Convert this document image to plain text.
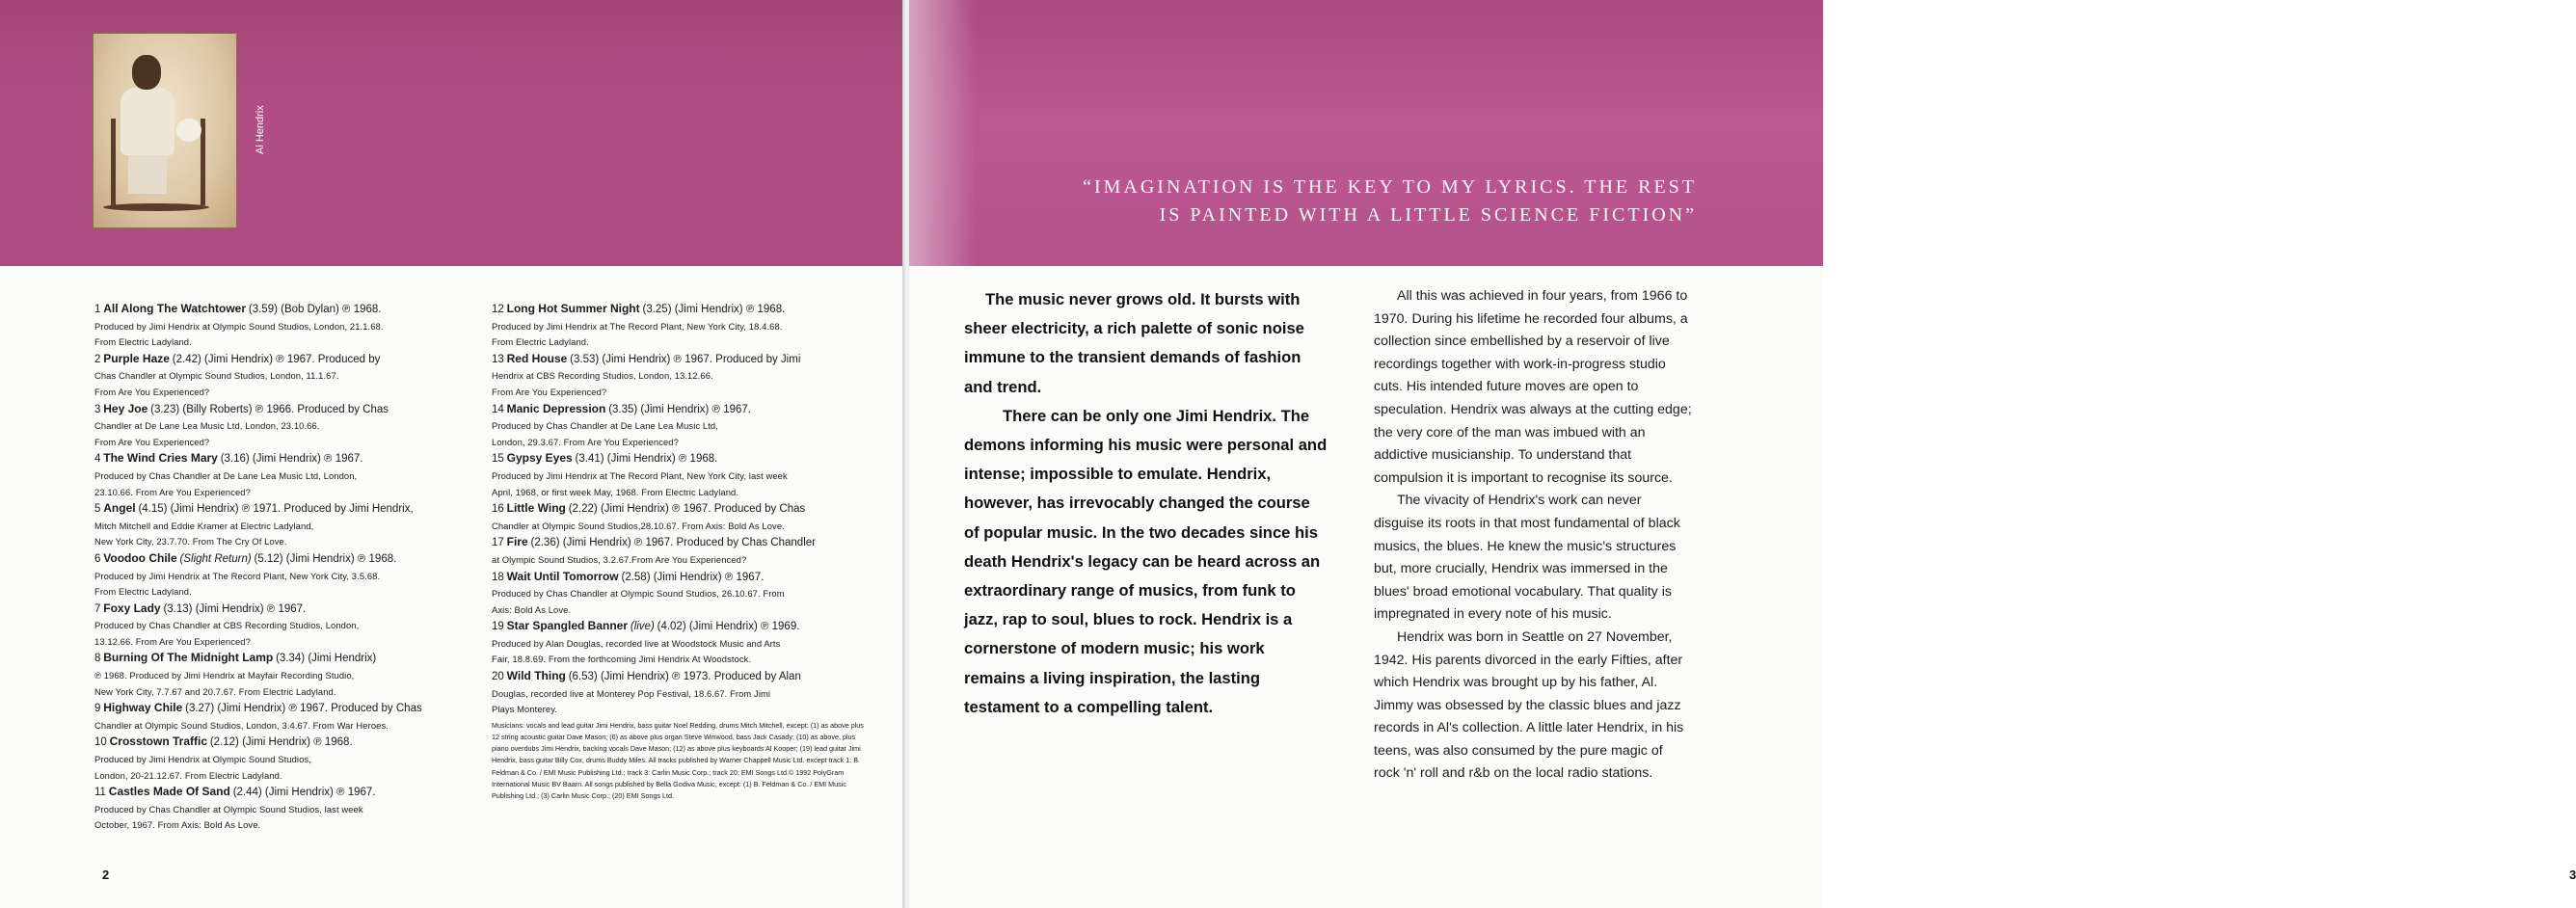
Al Hendrix
1 All Along The Watchtower (3.59) (Bob Dylan) ℗ 1968.
Produced by Jimi Hendrix at Olympic Sound Studios, London, 21.1.68.
From Electric Ladyland.
2 Purple Haze (2.42) (Jimi Hendrix) ℗ 1967. Produced by
Chas Chandler at Olympic Sound Studios, London, 11.1.67.
From Are You Experienced?
3 Hey Joe (3.23) (Billy Roberts) ℗ 1966. Produced by Chas
Chandler at De Lane Lea Music Ltd, London, 23.10.66.
From Are You Experienced?
4 The Wind Cries Mary (3.16) (Jimi Hendrix) ℗ 1967.
Produced by Chas Chandler at De Lane Lea Music Ltd, London,
23.10.66. From Are You Experienced?
5 Angel (4.15) (Jimi Hendrix) ℗ 1971. Produced by Jimi Hendrix,
Mitch Mitchell and Eddie Kramer at Electric Ladyland,
New York City, 23.7.70. From The Cry Of Love.
6 Voodoo Chile (Slight Return) (5.12) (Jimi Hendrix) ℗ 1968.
Produced by Jimi Hendrix at The Record Plant, New York City, 3.5.68.
From Electric Ladyland.
7 Foxy Lady (3.13) (Jimi Hendrix) ℗ 1967.
Produced by Chas Chandler at CBS Recording Studios, London,
13.12.66. From Are You Experienced?
8 Burning Of The Midnight Lamp (3.34) (Jimi Hendrix)
℗ 1968. Produced by Jimi Hendrix at Mayfair Recording Studio,
New York City, 7.7.67 and 20.7.67. From Electric Ladyland.
9 Highway Chile (3.27) (Jimi Hendrix) ℗ 1967. Produced by Chas
Chandler at Olympic Sound Studios, London, 3.4.67. From War Heroes.
10 Crosstown Traffic (2.12) (Jimi Hendrix) ℗ 1968.
Produced by Jimi Hendrix at Olympic Sound Studios,
London, 20-21.12.67. From Electric Ladyland.
11 Castles Made Of Sand (2.44) (Jimi Hendrix) ℗ 1967.
Produced by Chas Chandler at Olympic Sound Studios, last week
October, 1967. From Axis: Bold As Love.
12 Long Hot Summer Night (3.25) (Jimi Hendrix) ℗ 1968.
Produced by Jimi Hendrix at The Record Plant, New York City, 18.4.68.
From Electric Ladyland.
13 Red House (3.53) (Jimi Hendrix) ℗ 1967. Produced by Jimi
Hendrix at CBS Recording Studios, London, 13.12.66.
From Are You Experienced?
14 Manic Depression (3.35) (Jimi Hendrix) ℗ 1967.
Produced by Chas Chandler at De Lane Lea Music Ltd,
London, 29.3.67. From Are You Experienced?
15 Gypsy Eyes (3.41) (Jimi Hendrix) ℗ 1968.
Produced by Jimi Hendrix at The Record Plant, New York City, last week
April, 1968, or first week May, 1968. From Electric Ladyland.
16 Little Wing (2.22) (Jimi Hendrix) ℗ 1967. Produced by Chas
Chandler at Olympic Sound Studios,28.10.67. From Axis: Bold As Love.
17 Fire (2.36) (Jimi Hendrix) ℗ 1967. Produced by Chas Chandler
at Olympic Sound Studios, 3.2.67.From Are You Experienced?
18 Wait Until Tomorrow (2.58) (Jimi Hendrix) ℗ 1967.
Produced by Chas Chandler at Olympic Sound Studios, 26.10.67. From
Axis: Bold As Love.
19 Star Spangled Banner (live) (4.02) (Jimi Hendrix) ℗ 1969.
Produced by Alan Douglas, recorded live at Woodstock Music and Arts
Fair, 18.8.69. From the forthcoming Jimi Hendrix At Woodstock.
20 Wild Thing (6.53) (Jimi Hendrix) ℗ 1973. Produced by Alan
Douglas, recorded live at Monterey Pop Festival, 18.6.67. From Jimi
Plays Monterey.
Musicians: vocals and lead guitar Jimi Hendrix, bass guitar Noel Redding, drums Mitch Mitchell, except: (1) as above plus 12 string acoustic guitar Dave Mason; (6) as above plus organ Steve Winwood, bass Jack Casady; (10) as above, plus piano overdubs Jimi Hendrix, backing vocals Dave Mason; (12) as above plus keyboards Al Kooper; (19) lead guitar Jimi Hendrix, bass guitar Billy Cox, drums Buddy Miles. All tracks published by Warner Chappell Music Ltd. except track 1: B. Feldman & Co. / EMI Music Publishing Ltd.; track 3: Carlin Music Corp.; track 20: EMI Songs Ltd.© 1992 PolyGram International Music BV Baarn. All songs published by Bella Godiva Music, except: (1) B. Feldman & Co. / EMI Music Publishing Ltd.; (3) Carlin Music Corp.; (20) EMI Songs Ltd.
2	3
“IMAGINATION IS THE KEY TO MY LYRICS. THE REST
IS PAINTED WITH A LITTLE SCIENCE FICTION”

The music never grows old. It bursts with sheer electricity, a rich palette of sonic noise immune to the transient demands of fashion and trend.

There can be only one Jimi Hendrix. The demons informing his music were personal and intense; impossible to emulate. Hendrix, however, has irrevocably changed the course of popular music. In the two decades since his death Hendrix's legacy can be heard across an extraordinary range of musics, from funk to jazz, rap to soul, blues to rock. Hendrix is a cornerstone of modern music; his work remains a living inspiration, the lasting testament to a compelling talent.

All this was achieved in four years, from 1966 to 1970. During his lifetime he recorded four albums, a collection since embellished by a reservoir of live recordings together with work-in-progress studio cuts. His intended future moves are open to speculation. Hendrix was always at the cutting edge; the very core of the man was imbued with an addictive musicianship. To understand that compulsion it is important to recognise its source.

The vivacity of Hendrix's work can never disguise its roots in that most fundamental of black musics, the blues. He knew the music's structures but, more crucially, Hendrix was immersed in the blues' broad emotional vocabulary. That quality is impregnated in every note of his music.

Hendrix was born in Seattle on 27 November, 1942. His parents divorced in the early Fifties, after which Hendrix was brought up by his father, Al. Jimmy was obsessed by the classic blues and jazz records in Al's collection. A little later Hendrix, in his teens, was also consumed by the pure magic of rock 'n' roll and r&b on the local radio stations.
